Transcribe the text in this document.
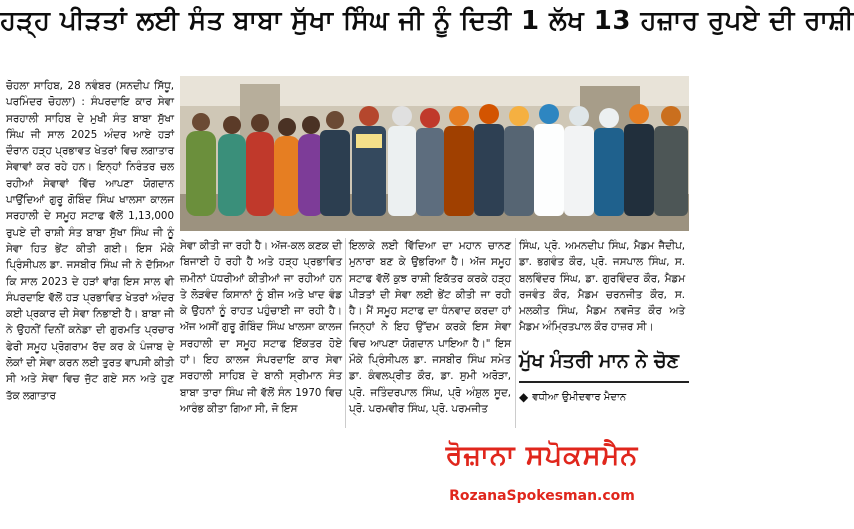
ਹੜ੍ਹ ਪੀੜਤਾਂ ਲਈ ਸੰਤ ਬਾਬਾ ਸੁੱਖਾ ਸਿੰਘ ਜੀ ਨੂੰ ਦਿਤੀ 1 ਲੱਖ 13 ਹਜ਼ਾਰ ਰੁਪਏ ਦੀ ਰਾਸ਼ੀ
ਚੋਹਲਾ ਸਾਹਿਬ, 28 ਨਵੰਬਰ (ਸਨਦੀਪ ਸਿੱਧੂ, ਪਰਮਿੰਦਰ ਚੋਹਲਾ) : ਸੰਪਰਦਾਇ ਕਾਰ ਸੇਵਾ ਸਰਹਾਲੀ ਸਾਹਿਬ ਦੇ ਮੁਖੀ ਸੰਤ ਬਾਬਾ ਸੁੱਖਾ ਸਿੰਘ ਜੀ ਸਾਲ 2025 ਅੰਦਰ ਆਏ ਹੜਾਂ ਦੌਰਾਨ ਹੜ੍ਹ ਪ੍ਰਭਾਵਤ ਖੇਤਰਾਂ ਵਿਚ ਲਗਾਤਾਰ ਸੇਵਾਵਾਂ ਕਰ ਰਹੇ ਹਨ। ਇਨ੍ਹਾਂ ਨਿਰੰਤਰ ਚਲ ਰਹੀਆਂ ਸੇਵਾਵਾਂ ਵਿੱਚ ਆਪਣਾ ਯੋਗਦਾਨ ਪਾਉਂਦਿਆਂ ਗੁਰੂ ਗੋਬਿੰਦ ਸਿੰਘ ਖਾਲਸਾ ਕਾਲਜ ਸਰਹਾਲੀ ਦੇ ਸਮੂਹ ਸਟਾਫ ਵੱਲੋਂ 1,13,000 ਰੁਪਏ ਦੀ ਰਾਸ਼ੀ ਸੰਤ ਬਾਬਾ ਸੁੱਖਾ ਸਿੰਘ ਜੀ ਨੂੰ ਸੇਵਾ ਹਿਤ ਭੇਂਟ ਕੀਤੀ ਗਈ। ਇਸ ਮੌਕੇ ਪ੍ਰਿੰਸੀਪਲ ਡਾ. ਜਸਬੀਰ ਸਿੰਘ ਜੀ ਨੇ ਦੱਸਿਆ ਕਿ ਸਾਲ 2023 ਦੇ ਹੜਾਂ ਵਾਂਗ ਇਸ ਸਾਲ ਵੀ ਸੰਪਰਦਾਇ ਵੱਲੋਂ ਹੜ ਪ੍ਰਭਾਵਿਤ ਖੇਤਰਾਂ ਅੰਦਰ ਕਈ ਪ੍ਰਕਾਰ ਦੀ ਸੇਵਾ ਨਿਭਾਈ ਹੈ। ਬਾਬਾ ਜੀ ਨੇ ਉਹਨੀਂ ਦਿਨੀਂ ਕਨੇਡਾ ਦੀ ਗੁਰਮਤਿ ਪ੍ਰਚਾਰ ਫੇਰੀ ਸਮੂਹ ਪ੍ਰੋਗਰਾਮ ਰੱਦ ਕਰ ਕੇ ਪੰਜਾਬ ਦੇ ਲੋਕਾਂ ਦੀ ਸੇਵਾ ਕਰਨ ਲਈ ਤੁਰਤ ਵਾਪਸੀ ਕੀਤੀ ਸੀ ਅਤੇ ਸੇਵਾ ਵਿਚ ਜੁੱਟ ਗਏ ਸਨ ਅਤੇ ਹੁਣ ਤੱਕ ਲਗਾਤਾਰ
ਸੇਵਾ ਕੀਤੀ ਜਾ ਰਹੀ ਹੈ। ਅੱਜ-ਕਲ ਕਣਕ ਦੀ ਬਿਜਾਈ ਹੋ ਰਹੀ ਹੈ ਅਤੇ ਹੜ੍ਹ ਪ੍ਰਭਾਵਿਤ ਜ਼ਮੀਨਾਂ ਪੱਧਰੀਆਂ ਕੀਤੀਆਂ ਜਾ ਰਹੀਆਂ ਹਨ ਤੇ ਲੋੜਵੰਦ ਕਿਸਾਨਾਂ ਨੂੰ ਬੀਜ ਅਤੇ ਖਾਦ ਵੰਡ ਕੇ ਉਹਨਾਂ ਨੂੰ ਰਾਹਤ ਪਹੁੰਚਾਈ ਜਾ ਰਹੀ ਹੈ। ਅੱਜ ਅਸੀਂ ਗੁਰੂ ਗੋਬਿੰਦ ਸਿੰਘ ਖਾਲਸਾ ਕਾਲਜ ਸਰਹਾਲੀ ਦਾ ਸਮੂਹ ਸਟਾਫ ਇੱਕਤਰ ਹੋਏ ਹਾਂ। ਇਹ ਕਾਲਜ ਸੰਪਰਦਾਇ ਕਾਰ ਸੇਵਾ ਸਰਹਾਲੀ ਸਾਹਿਬ ਦੇ ਬਾਨੀ ਸ੍ਰੀਮਾਨ ਸੰਤ ਬਾਬਾ ਤਾਰਾ ਸਿੰਘ ਜੀ ਵੱਲੋਂ ਸੰਨ 1970 ਵਿਚ ਆਰੰਭ ਕੀਤਾ ਗਿਆ ਸੀ, ਜੋ ਇਸ
ਇਲਾਕੇ ਲਈ ਵਿੱਦਿਆ ਦਾ ਮਹਾਨ ਚਾਨਣ ਮੁਨਾਰਾ ਬਣ ਕੇ ਉਭਰਿਆ ਹੈ। ਅੱਜ ਸਮੂਹ ਸਟਾਫ ਵੱਲੋਂ ਕੁਝ ਰਾਸ਼ੀ ਇਕੱਤਰ ਕਰਕੇ ਹੜ੍ਹ ਪੀੜਤਾਂ ਦੀ ਸੇਵਾ ਲਈ ਭੇਂਟ ਕੀਤੀ ਜਾ ਰਹੀ ਹੈ। ਮੈਂ ਸਮੂਹ ਸਟਾਫ ਦਾ ਧੰਨਵਾਦ ਕਰਦਾ ਹਾਂ ਜਿਨ੍ਹਾਂ ਨੇ ਇਹ ਉੱਦਮ ਕਰਕੇ ਇਸ ਸੇਵਾ ਵਿਚ ਆਪਣਾ ਯੋਗਦਾਨ ਪਾਇਆ ਹੈ।" ਇਸ ਮੌਕੇ ਪ੍ਰਿੰਸੀਪਲ ਡਾ. ਜਸਬੀਰ ਸਿੰਘ ਸਮੇਤ ਡਾ. ਕੰਵਲਪ੍ਰੀਤ ਕੌਰ, ਡਾ. ਸੁਮੀ ਅਰੋੜਾ, ਪ੍ਰੋ. ਜਤਿੰਦਰਪਾਲ ਸਿੰਘ, ਪ੍ਰੋ ਅੰਸ਼ੁਲ ਸੂਦ, ਪ੍ਰੋ. ਪਰਮਵੀਰ ਸਿੰਘ, ਪ੍ਰੋ. ਪਰਮਜੀਤ
ਸਿੰਘ, ਪ੍ਰੋ. ਅਮਨਦੀਪ ਸਿੰਘ, ਮੈਡਮ ਜੈਦੀਪ, ਡਾ. ਭਗਵੰਤ ਕੌਰ, ਪ੍ਰੋ. ਜਸਪਾਲ ਸਿੰਘ, ਸ. ਬਲਵਿੰਦਰ ਸਿੰਘ, ਡਾ. ਗੁਰਵਿੰਦਰ ਕੌਰ, ਮੈਡਮ ਰਜਵੰਤ ਕੌਰ, ਮੈਡਮ ਚਰਨਜੀਤ ਕੌਰ, ਸ. ਮਲਕੀਤ ਸਿੰਘ, ਮੈਡਮ ਨਵਜੋਤ ਕੌਰ ਅਤੇ ਮੈਡਮ ਅੰਮ੍ਰਿਤਪਾਲ ਕੌਰ ਹਾਜ਼ਰ ਸੀ।
ਮੁੱਖ ਮੰਤਰੀ ਮਾਨ ਨੇ ਚੋਣ
◆ ਵਧੀਆ ਉਮੀਦਵਾਰ ਮੈਦਾਨ
ਰੋਜ਼ਾਨਾ ਸਪੋਕਸਮੈਨ
RozanaSpokesman.com
